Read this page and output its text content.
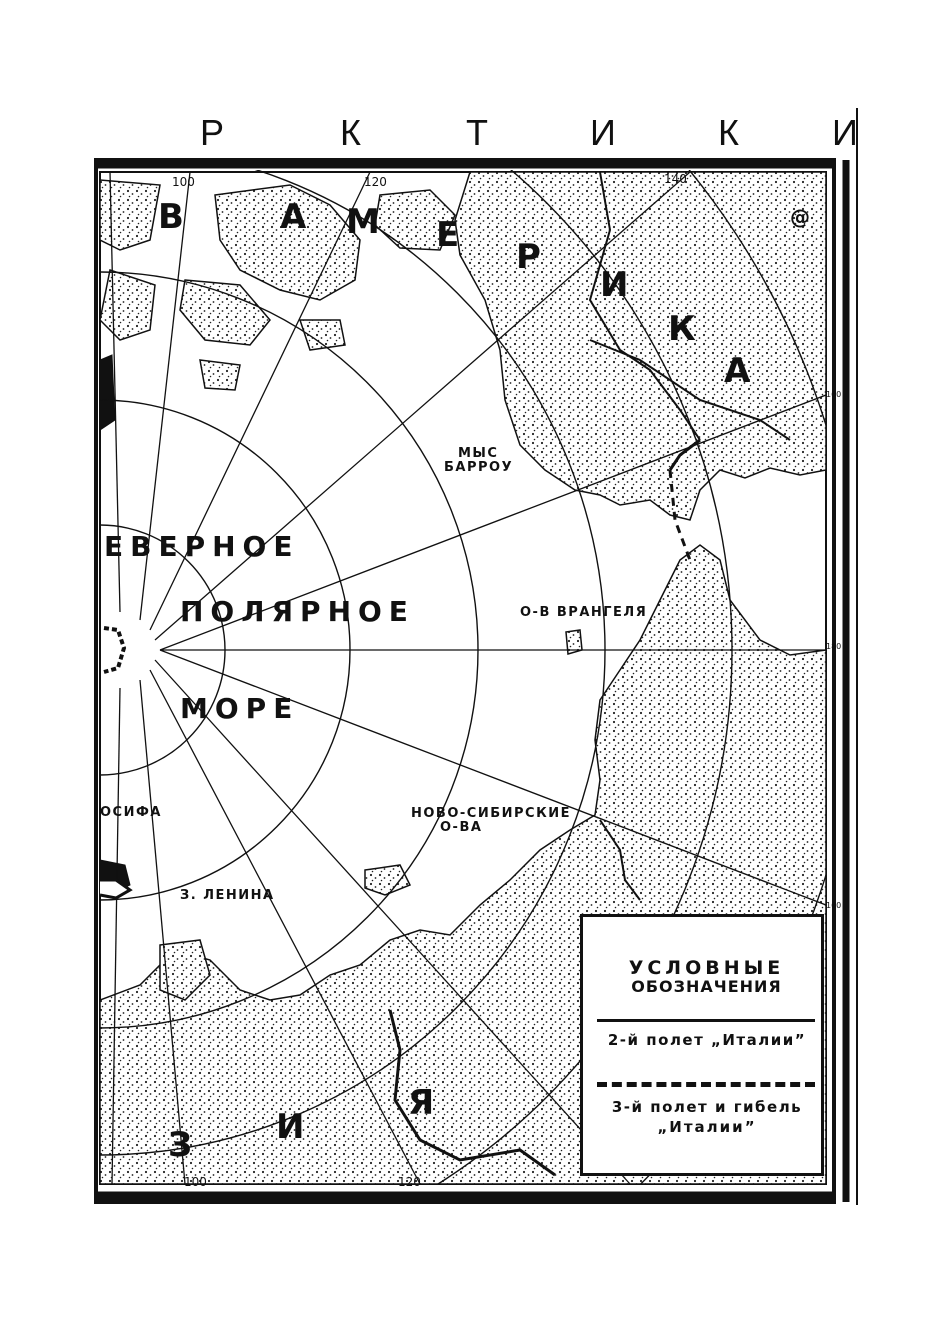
Р	К	Т	И	К	И
100	120	140
100	120
160
180
160
@
В	А М Е
Р
И
К
А
ЕВЕРНОЕ
ПОЛЯРНОЕ
МОРЕ
МЫС
БАРРОУ
О-В ВРАНГЕЛЯ
НОВО-СИБИРСКИЕ
О-ВА
ОСИФА
З. ЛЕНИНА
З И
Я
УСЛОВНЫЕ
ОБОЗНАЧЕНИЯ
2-й полет „Италии”
3-й полет и гибель
„Италии”
